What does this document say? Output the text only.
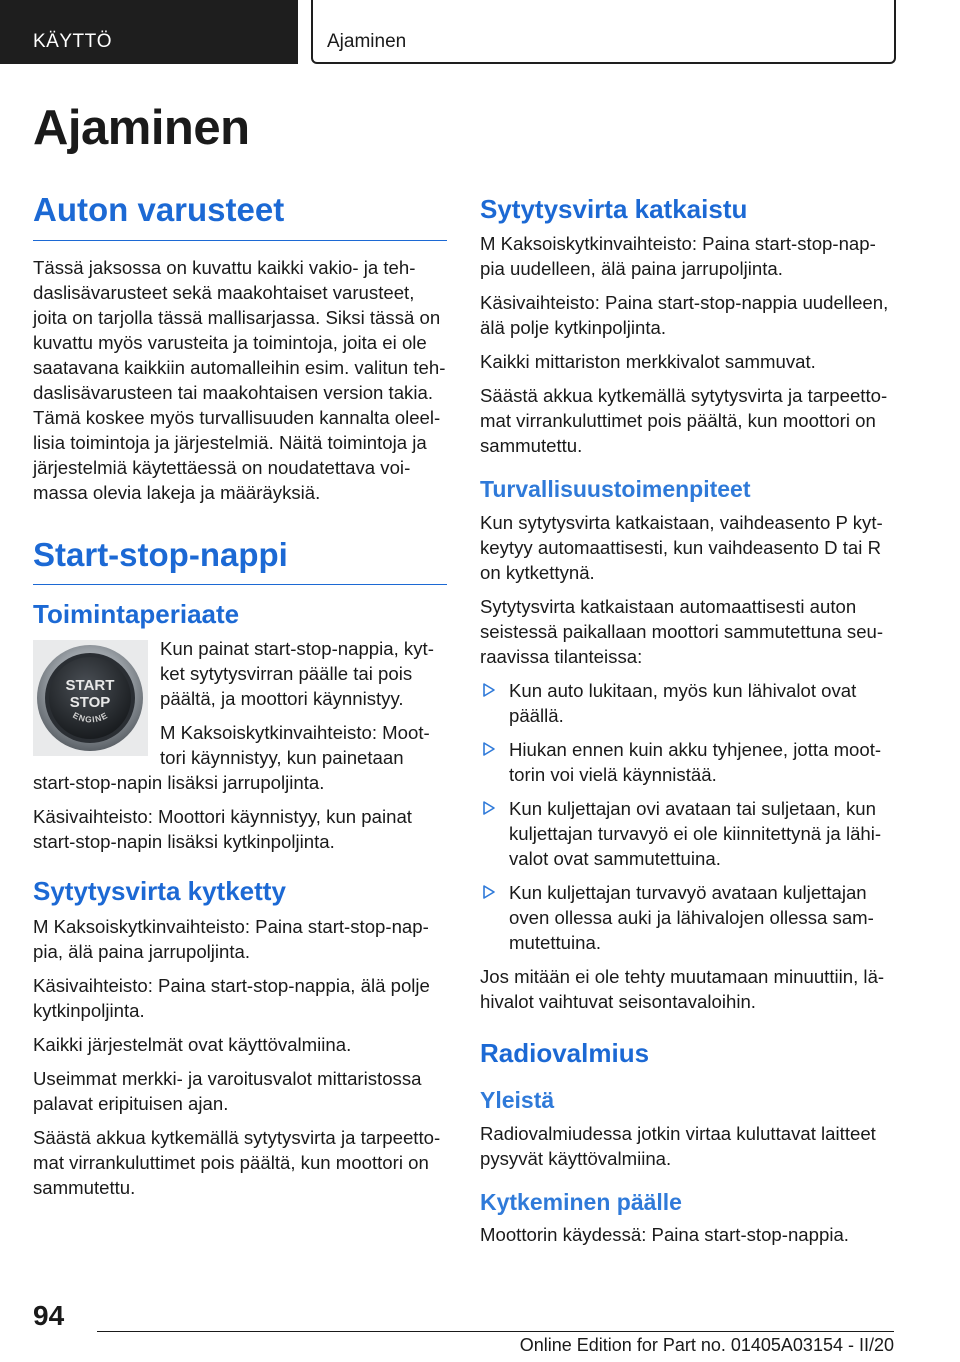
KÄYTTÖ	Ajaminen
Ajaminen
Auton varusteet

Tässä jaksossa on kuvattu kaikki vakio- ja tehdaslisävarusteet sekä maakohtaiset varusteet, joita on tarjolla tässä mallisarjassa. Siksi tässä on kuvattu myös varusteita ja toimintoja, joita ei ole saatavana kaikkiin automalleihin esim. valitun tehdaslisävarusteen tai maakohtaisen version takia. Tämä koskee myös turvallisuuden kannalta oleellisia toimintoja ja järjestelmiä. Näitä toimintoja ja järjestelmiä käytettäessä on noudatettava voimassa olevia lakeja ja määräyksiä.

Start-stop-nappi
Toimintaperiaate
START
STOP
ENGINE

Kun painat start-stop-nappia, kytket sytytysvirran päälle tai pois päältä, ja moottori käynnistyy.

M Kaksoiskytkinvaihteisto: Moottori käynnistyy, kun painetaan start-stop-napin lisäksi jarrupoljinta.

Käsivaihteisto: Moottori käynnistyy, kun painat start-stop-napin lisäksi kytkinpoljinta.

Sytytysvirta kytketty

M Kaksoiskytkinvaihteisto: Paina start-stop-nappia, älä paina jarrupoljinta.

Käsivaihteisto: Paina start-stop-nappia, älä polje kytkinpoljinta.

Kaikki järjestelmät ovat käyttövalmiina.

Useimmat merkki- ja varoitusvalot mittaristossa palavat eripituisen ajan.

Säästä akkua kytkemällä sytytysvirta ja tarpeettomat virrankuluttimet pois päältä, kun moottori on sammutettu.

Sytytysvirta katkaistu

M Kaksoiskytkinvaihteisto: Paina start-stop-nappia uudelleen, älä paina jarrupoljinta.

Käsivaihteisto: Paina start-stop-nappia uudelleen, älä polje kytkinpoljinta.

Kaikki mittariston merkkivalot sammuvat.

Säästä akkua kytkemällä sytytysvirta ja tarpeettomat virrankuluttimet pois päältä, kun moottori on sammutettu.

Turvallisuustoimenpiteet

Kun sytytysvirta katkaistaan, vaihdeasento P kytkeytyy automaattisesti, kun vaihdeasento D tai R on kytkettynä.

Sytytysvirta katkaistaan automaattisesti auton seistessä paikallaan moottori sammutettuna seuraavissa tilanteissa:

Kun auto lukitaan, myös kun lähivalot ovat päällä.
Hiukan ennen kuin akku tyhjenee, jotta moottorin voi vielä käynnistää.
Kun kuljettajan ovi avataan tai suljetaan, kun kuljettajan turvavyö ei ole kiinnitettynä ja lähivalot ovat sammutettuina.
Kun kuljettajan turvavyö avataan kuljettajan oven ollessa auki ja lähivalojen ollessa sammutettuina.

Jos mitään ei ole tehty muutamaan minuuttiin, lähivalot vaihtuvat seisontavaloihin.

Radiovalmius
Yleistä

Radiovalmiudessa jotkin virtaa kuluttavat laitteet pysyvät käyttövalmiina.

Kytkeminen päälle

Moottorin käydessä: Paina start-stop-nappia.

94
Online Edition for Part no. 01405A03154 - II/20
